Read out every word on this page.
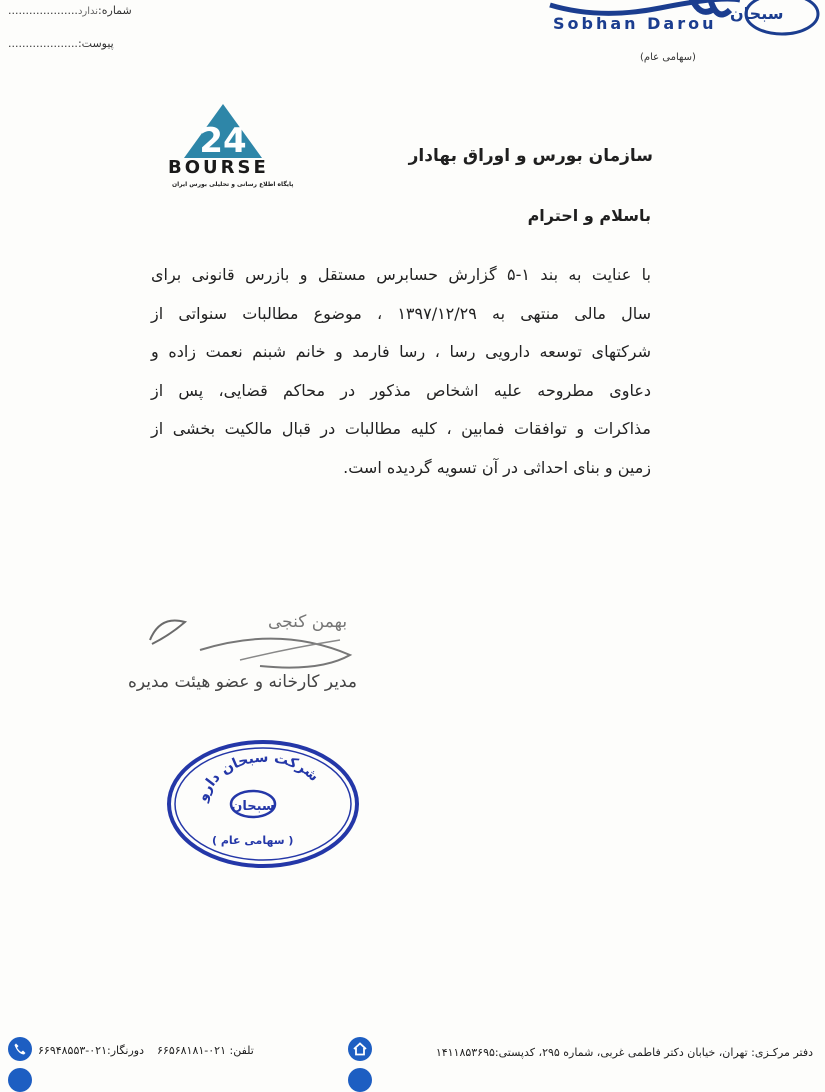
شماره:ندارد....................
پیوست:....................
سبحان
Sobhan Darou
(سهامی عام)
24
BOURSE
پایگاه اطلاع رسانی و تحلیلی بورس ایران
سازمان بورس و اوراق بهادار
باسلام و احترام
با عنایت به بند ۱-۵ گزارش حسابرس مستقل و بازرس قانونی برای
سال مالی منتهی به ۱۳۹۷/۱۲/۲۹ ، موضوع مطالبات سنواتی از
شرکتهای توسعه دارویی رسا ، رسا فارمد و خانم شبنم نعمت زاده و
دعاوی مطروحه علیه اشخاص مذکور در محاکم قضایی، پس از
مذاکرات و توافقات فمابین ، کلیه مطالبات در قبال مالکیت بخشی از
زمین و بنای احداثی در آن تسویه گردیده است.
بهمن کنجی
مدیر کارخانه و عضو هیئت مدیره
شرکت سبحان دارو
سبحان
( سهامی عام )
دفتر مرکـزی: تهران، خیابان دکتر فاطمی غربی، شماره ۲۹۵، کدپستی:۱۴۱۱۸۵۳۶۹۵
تلفن: ۰۲۱-۶۶۵۶۸۱۸۱  دورنگار:۰۲۱-۶۶۹۴۸۵۵۳
